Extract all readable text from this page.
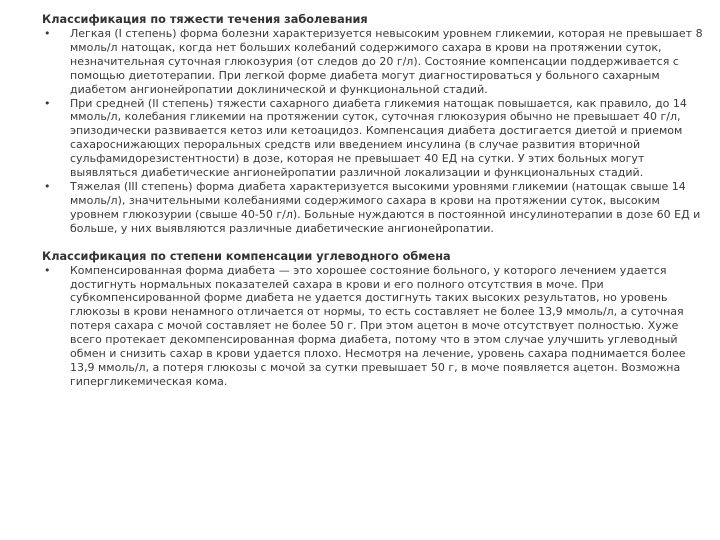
Классификация по тяжести течения заболевания

• Легкая (I степень) форма болезни характеризуется невысоким уровнем гликемии, которая не превышает 8 ммоль/л натощак, когда нет больших колебаний содержимого сахара в крови на протяжении суток, незначительная суточная глюкозурия (от следов до 20 г/л). Состояние компенсации поддерживается с помощью диетотерапии. При легкой форме диабета могут диагностироваться у больного сахарным диабетом ангионейропатии доклинической и функциональной стадий.
• При средней (II степень) тяжести сахарного диабета гликемия натощак повышается, как правило, до 14 ммоль/л, колебания гликемии на протяжении суток, суточная глюкозурия обычно не превышает 40 г/л, эпизодически развивается кетоз или кетоацидоз. Компенсация диабета достигается диетой и приемом сахароснижающих пероральных средств или введением инсулина (в случае развития вторичной сульфамидорезистентности) в дозе, которая не превышает 40 ЕД на сутки. У этих больных могут выявляться диабетические ангионейропатии различной локализации и функциональных стадий.
• Тяжелая (III степень) форма диабета характеризуется высокими уровнями гликемии (натощак свыше 14 ммоль/л), значительными колебаниями содержимого сахара в крови на протяжении суток, высоким уровнем глюкозурии (свыше 40-50 г/л). Больные нуждаются в постоянной инсулинотерапии в дозе 60 ЕД и больше, у них выявляются различные диабетические ангионейропатии.

Классификация по степени компенсации углеводного обмена

• Компенсированная форма диабета — это хорошее состояние больного, у которого лечением удается достигнуть нормальных показателей сахара в крови и его полного отсутствия в моче. При субкомпенсированной форме диабета не удается достигнуть таких высоких результатов, но уровень глюкозы в крови ненамного отличается от нормы, то есть составляет не более 13,9 ммоль/л, а суточная потеря сахара с мочой составляет не более 50 г. При этом ацетон в моче отсутствует полностью. Хуже всего протекает декомпенсированная форма диабета, потому что в этом случае улучшить углеводный обмен и снизить сахар в крови удается плохо. Несмотря на лечение, уровень сахара поднимается более 13,9 ммоль/л, а потеря глюкозы с мочой за сутки превышает 50 г, в моче появляется ацетон. Возможна гипергликемическая кома.
